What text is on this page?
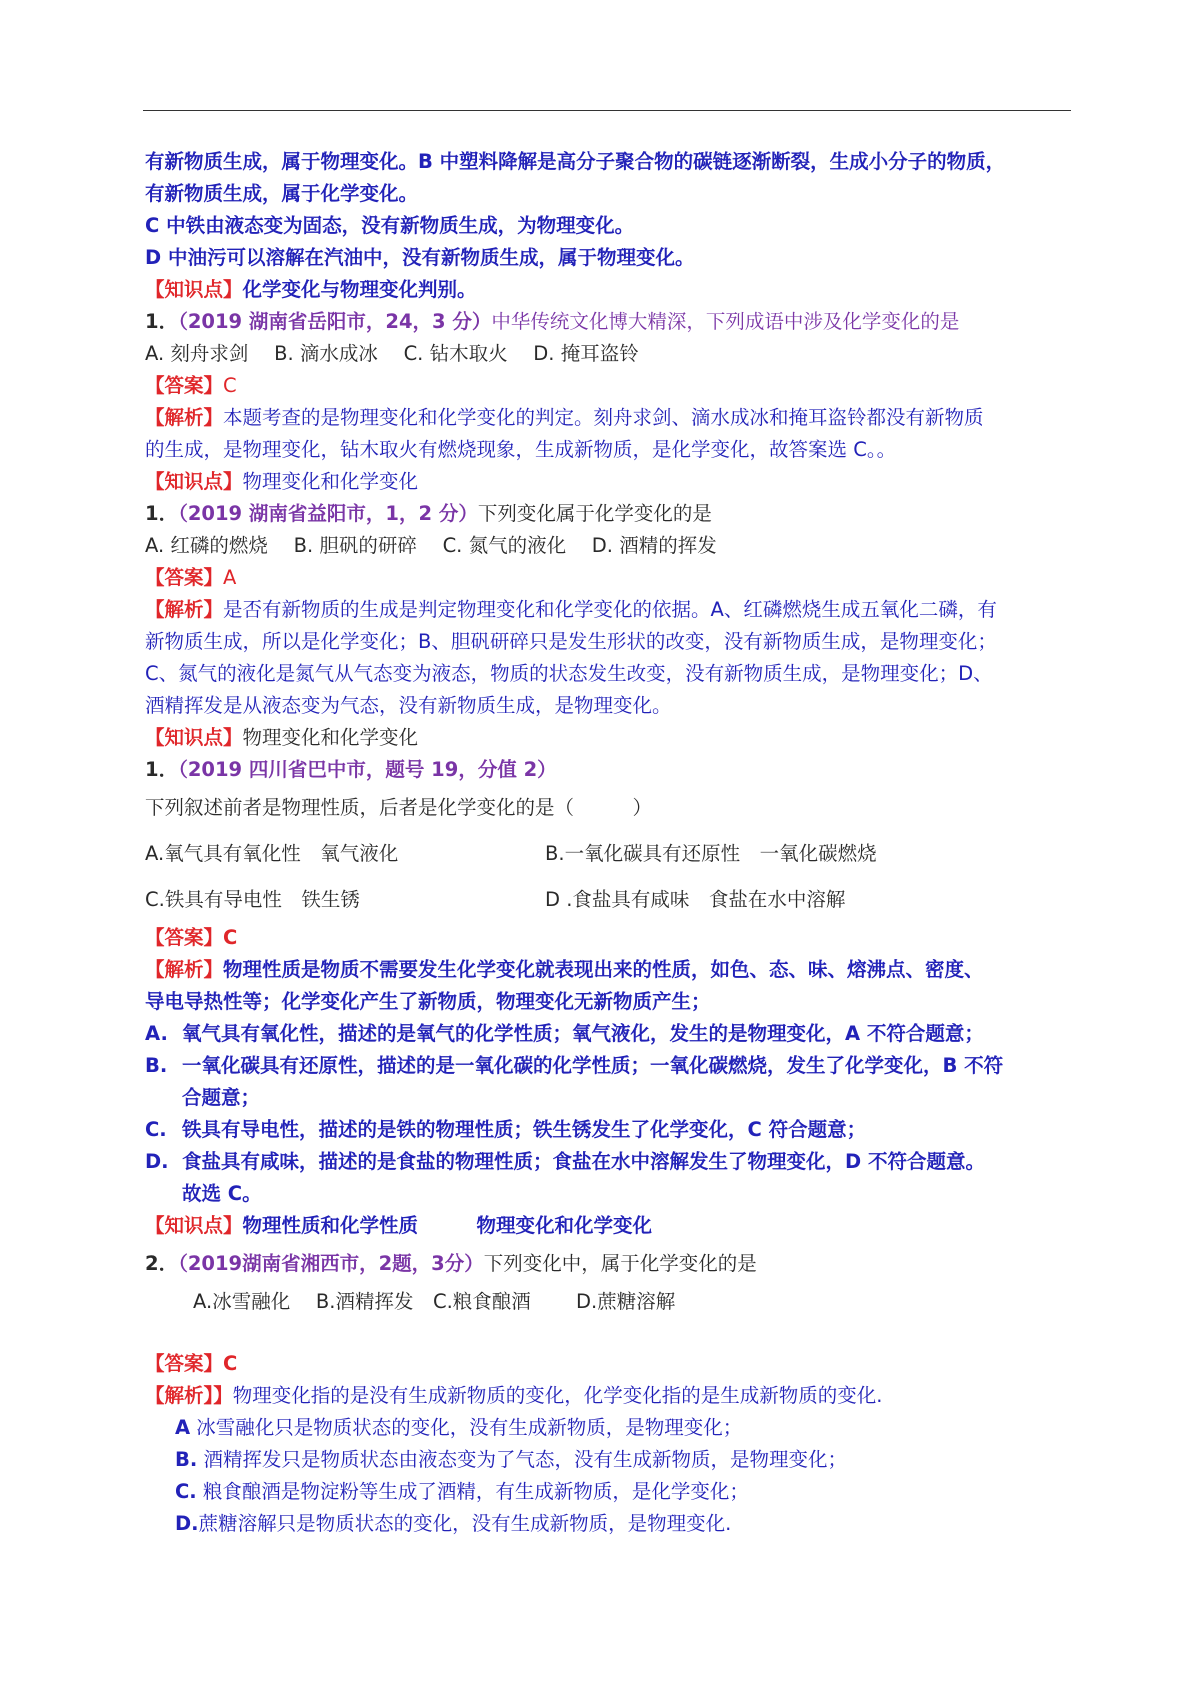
有新物质生成，属于物理变化。B 中塑料降解是高分子聚合物的碳链逐渐断裂，生成小分子的物质，
有新物质生成，属于化学变化。
C 中铁由液态变为固态，没有新物质生成，为物理变化。
D 中油污可以溶解在汽油中，没有新物质生成，属于物理变化。
【知识点】化学变化与物理变化判别。
1．（2019 湖南省岳阳市，24，3 分）中华传统文化博大精深，下列成语中涉及化学变化的是
A. 刻舟求剑　 B. 滴水成冰　 C. 钻木取火　 D. 掩耳盗铃
【答案】C
【解析】本题考查的是物理变化和化学变化的判定。刻舟求剑、滴水成冰和掩耳盗铃都没有新物质
的生成，是物理变化，钻木取火有燃烧现象，生成新物质，是化学变化，故答案选 C。。
【知识点】物理变化和化学变化
1．（2019 湖南省益阳市，1，2 分）下列变化属于化学变化的是
A. 红磷的燃烧　 B. 胆矾的研碎　 C. 氮气的液化　 D. 酒精的挥发
【答案】A
【解析】是否有新物质的生成是判定物理变化和化学变化的依据。A、红磷燃烧生成五氧化二磷，有
新物质生成，所以是化学变化；B、胆矾研碎只是发生形状的改变，没有新物质生成，是物理变化；
C、氮气的液化是氮气从气态变为液态，物质的状态发生改变，没有新物质生成，是物理变化；D、
酒精挥发是从液态变为气态，没有新物质生成，是物理变化。
【知识点】物理变化和化学变化
1．（2019 四川省巴中市，题号 19，分值 2）
下列叙述前者是物理性质，后者是化学变化的是（　　　）
A.氧气具有氧化性　氧气液化	B.一氧化碳具有还原性　一氧化碳燃烧
C.铁具有导电性　铁生锈	D .食盐具有咸味　食盐在水中溶解
【答案】C
【解析】物理性质是物质不需要发生化学变化就表现出来的性质，如色、态、味、熔沸点、密度、
导电导热性等；化学变化产生了新物质，物理变化无新物质产生；
A. 氧气具有氧化性，描述的是氧气的化学性质；氧气液化，发生的是物理变化，A 不符合题意；
B. 一氧化碳具有还原性，描述的是一氧化碳的化学性质；一氧化碳燃烧，发生了化学变化，B 不符
合题意；
C. 铁具有导电性，描述的是铁的物理性质；铁生锈发生了化学变化，C 符合题意；
D. 食盐具有咸味，描述的是食盐的物理性质；食盐在水中溶解发生了物理变化，D 不符合题意。
故选 C。
【知识点】物理性质和化学性质　　　物理变化和化学变化
2．（2019湖南省湘西市，2题，3分）下列变化中，属于化学变化的是
A.冰雪融化　 B.酒精挥发　C.粮食酿酒　　 D.蔗糖溶解
【答案】C
【解析】】物理变化指的是没有生成新物质的变化，化学变化指的是生成新物质的变化.
A 冰雪融化只是物质状态的变化，没有生成新物质，是物理变化；
B. 酒精挥发只是物质状态由液态变为了气态，没有生成新物质，是物理变化；
C. 粮食酿酒是物淀粉等生成了酒精，有生成新物质，是化学变化；
D.蔗糖溶解只是物质状态的变化，没有生成新物质，是物理变化.
